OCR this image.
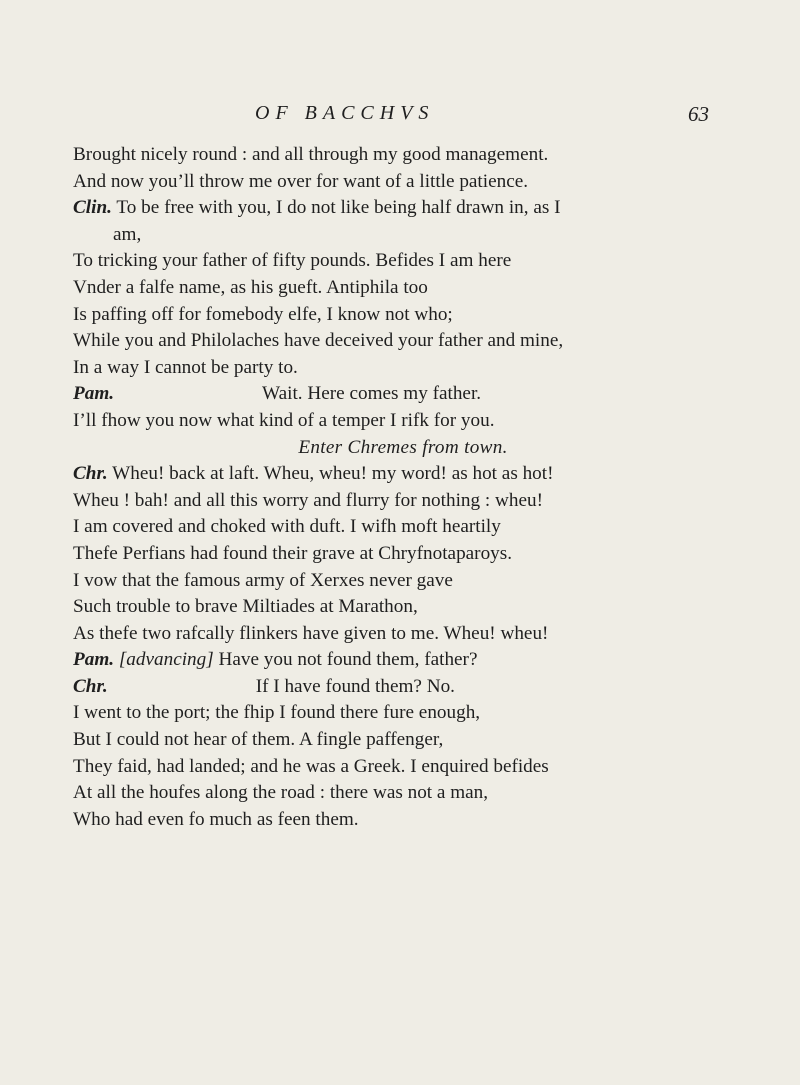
OF BACCHVS	63
Brought nicely round : and all through my good management.
And now you’ll throw me over for want of a little patience.
Clin. To be free with you, I do not like being half drawn in, as I
am,
To tricking your father of fifty pounds. Befides I am here
Vnder a falfe name, as his gueft. Antiphila too
Is paffing off for fomebody elfe, I know not who;
While you and Philolaches have deceived your father and mine,
In a way I cannot be party to.
Pam.	Wait. Here comes my father.
I’ll fhow you now what kind of a temper I rifk for you.
Enter Chremes from town.
Chr. Wheu! back at laft. Wheu, wheu! my word! as hot as hot!
Wheu ! bah! and all this worry and flurry for nothing : wheu!
I am covered and choked with duft. I wifh moft heartily
Thefe Perfians had found their grave at Chryfnotaparoys.
I vow that the famous army of Xerxes never gave
Such trouble to brave Miltiades at Marathon,
As thefe two rafcally flinkers have given to me. Wheu! wheu!
Pam. [advancing] Have you not found them, father?
Chr.	If I have found them? No.
I went to the port; the fhip I found there fure enough,
But I could not hear of them. A fingle paffenger,
They faid, had landed; and he was a Greek. I enquired befides
At all the houfes along the road : there was not a man,
Who had even fo much as feen them.
